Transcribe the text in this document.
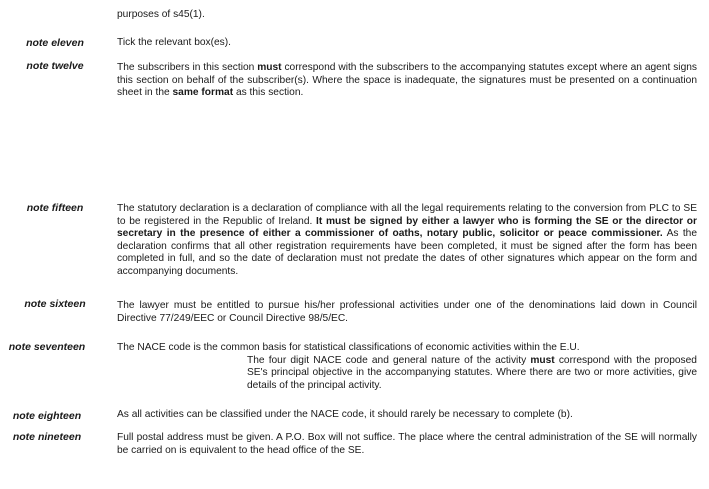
purposes of s45(1).
note eleven	Tick the relevant box(es).
note twelve	The subscribers in this section must correspond with the subscribers to the accompanying statutes except where an agent signs this section on behalf of the subscriber(s). Where the space is inadequate, the signatures must be presented on a continuation sheet in the same format as this section.
note fifteen	The statutory declaration is a declaration of compliance with all the legal requirements relating to the conversion from PLC to SE to be registered in the Republic of Ireland. It must be signed by either a lawyer who is forming the SE or the director or secretary in the presence of either a commissioner of oaths, notary public, solicitor or peace commissioner. As the declaration confirms that all other registration requirements have been completed, it must be signed after the form has been completed in full, and so the date of declaration must not predate the dates of other signatures which appear on the form and accompanying documents.
note sixteen	The lawyer must be entitled to pursue his/her professional activities under one of the denominations laid down in Council Directive 77/249/EEC or Council Directive 98/5/EC.
note seventeen	The NACE code is the common basis for statistical classifications of economic activities within the E.U.
The four digit NACE code and general nature of the activity must correspond with the proposed SE's principal objective in the accompanying statutes. Where there are two or more activities, give details of the principal activity.
note eighteen	As all activities can be classified under the NACE code, it should rarely be necessary to complete (b).
note nineteen	Full postal address must be given. A P.O. Box will not suffice. The place where the central administration of the SE will normally be carried on is equivalent to the head office of the SE.
